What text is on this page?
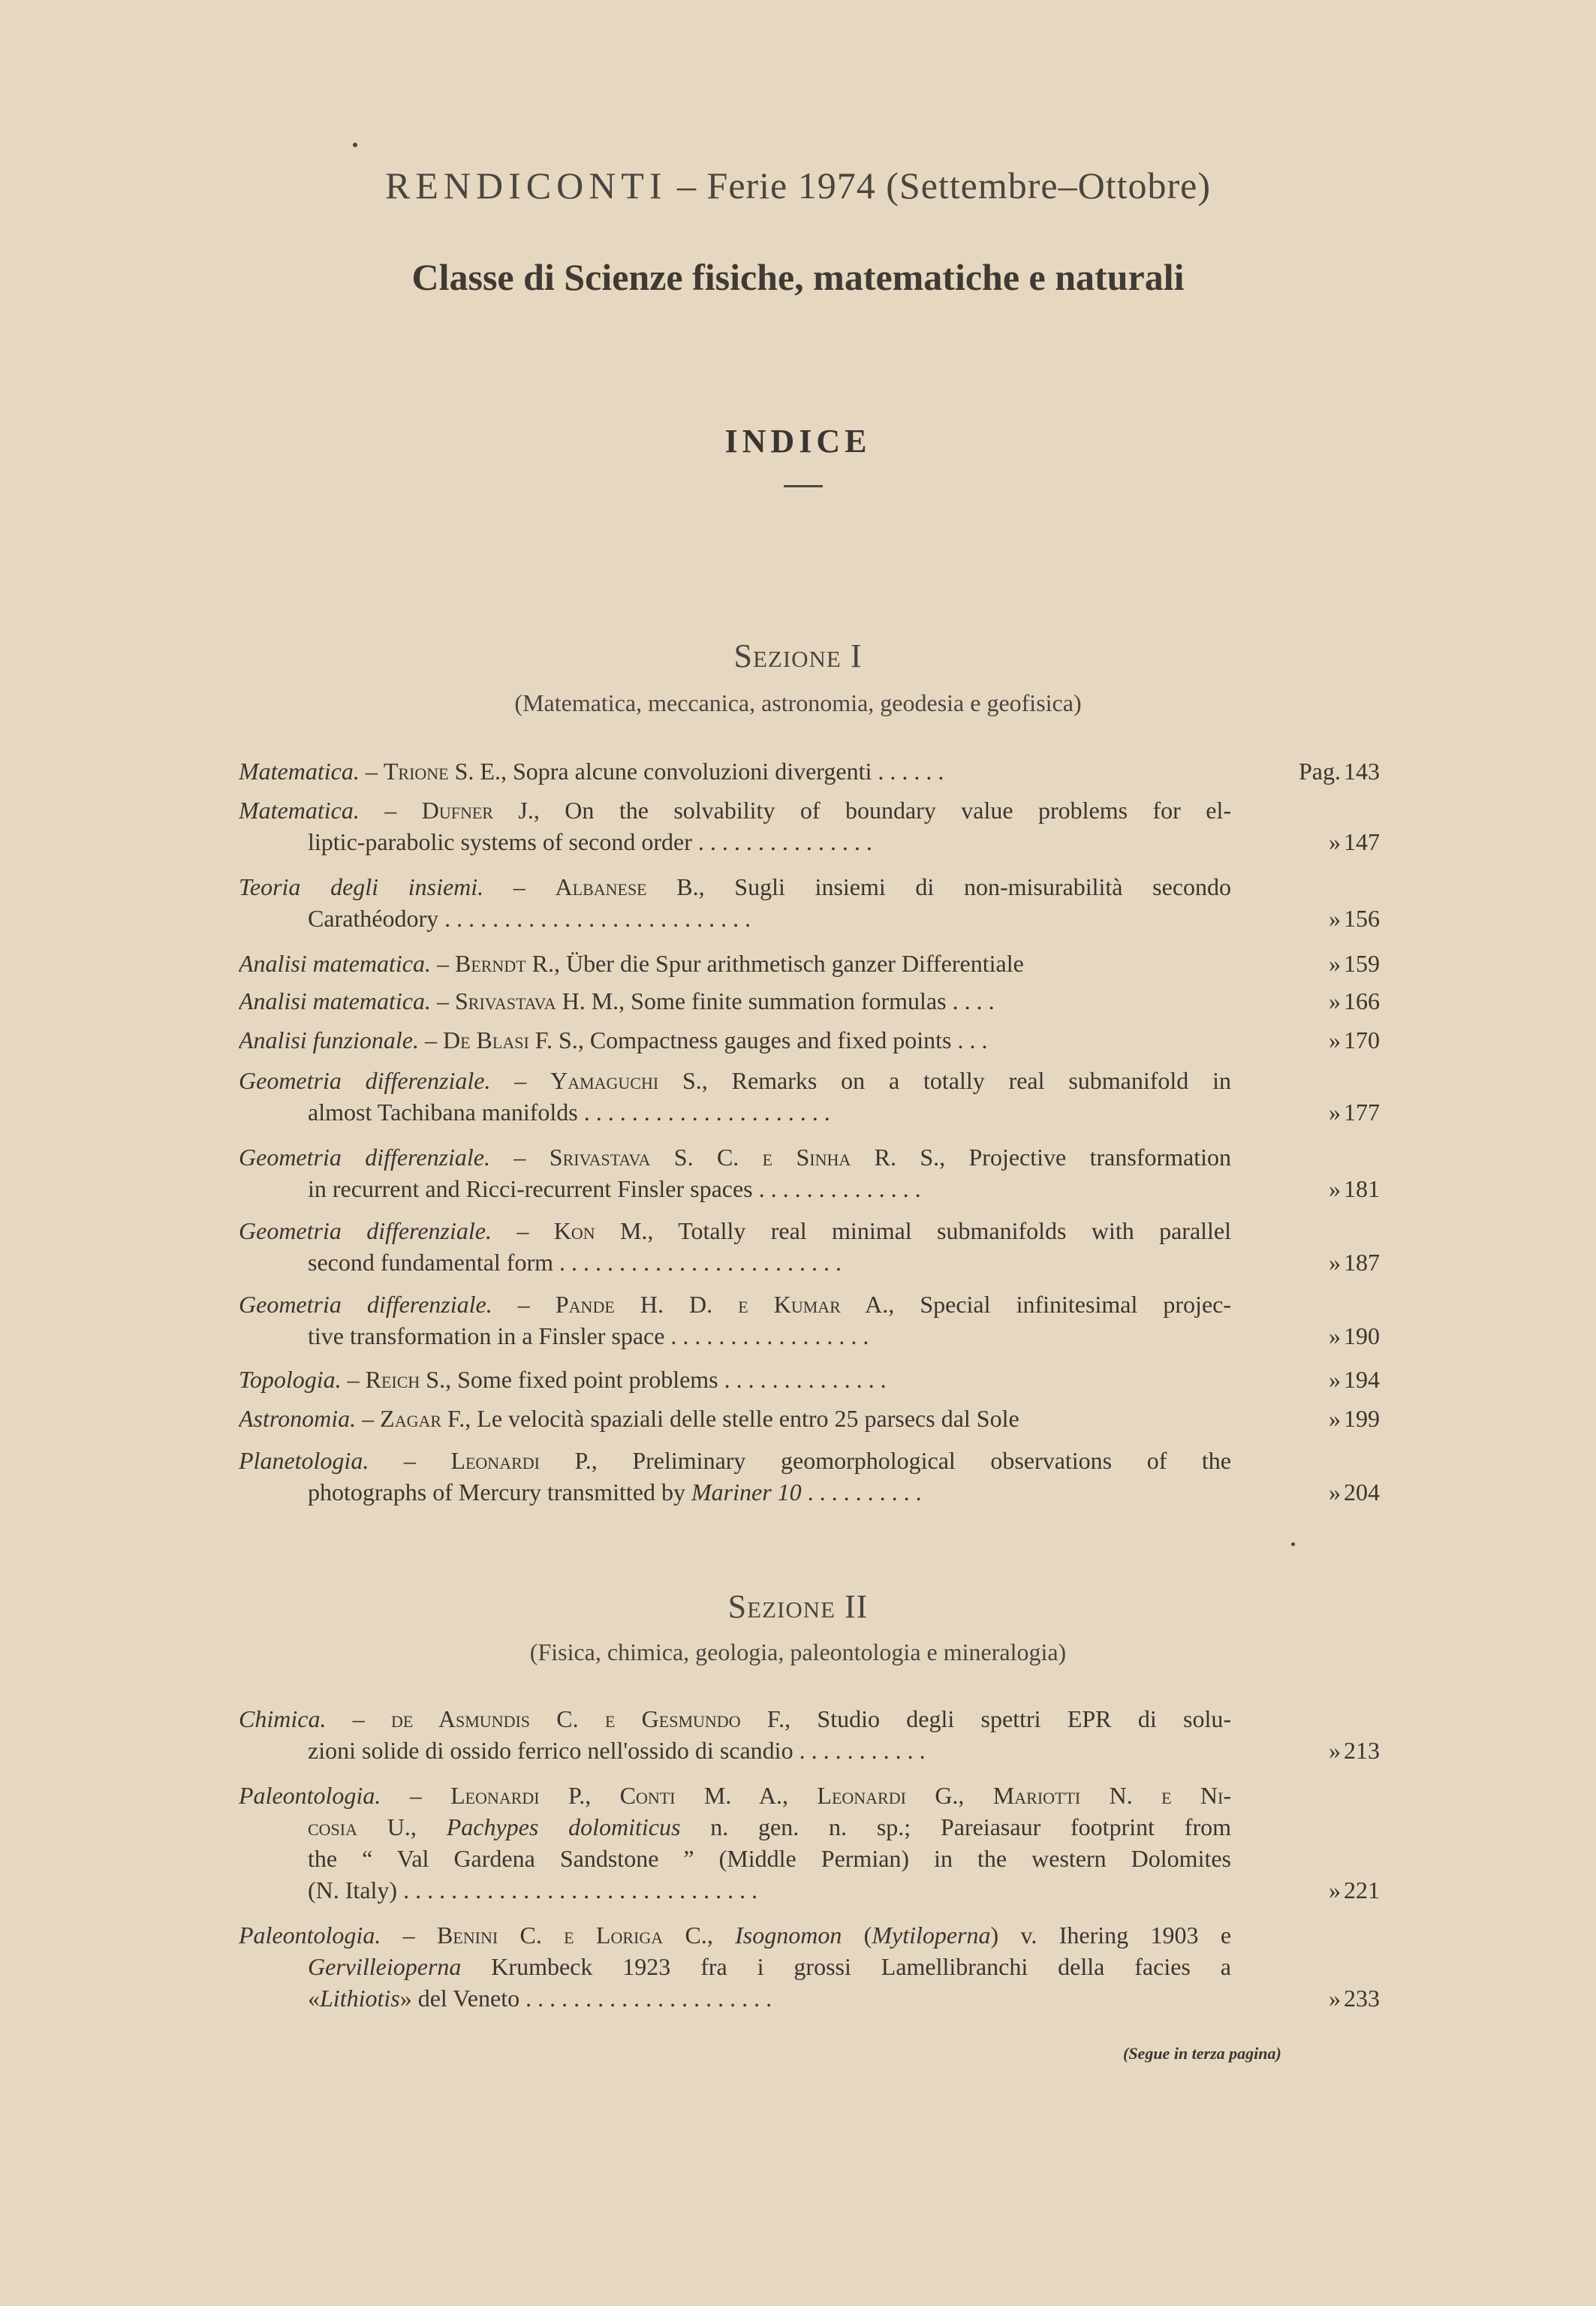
RENDICONTI – Ferie 1974 (Settembre–Ottobre)
Classe di Scienze fisiche, matematiche e naturali
INDICE
Sezione I
(Matematica, meccanica, astronomia, geodesia e geofisica)
Matematica. – Trione S. E., Sopra alcune convoluzioni divergenti . . . . . .	Pag. 143
Matematica. – Dufner J., On the solvability of boundary value problems for el-
liptic-parabolic systems of second order . . . . . . . . . . . . . . .	» 147
Teoria degli insiemi. – Albanese B., Sugli insiemi di non-misurabilità secondo
Carathéodory . . . . . . . . . . . . . . . . . . . . . . . . . .	» 156
Analisi matematica. – Berndt R., Über die Spur arithmetisch ganzer Differentiale	» 159
Analisi matematica. – Srivastava H. M., Some finite summation formulas . . . .	» 166
Analisi funzionale. – De Blasi F. S., Compactness gauges and fixed points . . .	» 170
Geometria differenziale. – Yamaguchi S., Remarks on a totally real submanifold in
almost Tachibana manifolds . . . . . . . . . . . . . . . . . . . . .	» 177
Geometria differenziale. – Srivastava S. C. e Sinha R. S., Projective transformation
in recurrent and Ricci-recurrent Finsler spaces . . . . . . . . . . . . . .	» 181
Geometria differenziale. – Kon M., Totally real minimal submanifolds with parallel
second fundamental form . . . . . . . . . . . . . . . . . . . . . . . .	» 187
Geometria differenziale. – Pande H. D. e Kumar A., Special infinitesimal projec-
tive transformation in a Finsler space . . . . . . . . . . . . . . . . .	» 190
Topologia. – Reich S., Some fixed point problems . . . . . . . . . . . . . .	» 194
Astronomia. – Zagar F., Le velocità spaziali delle stelle entro 25 parsecs dal Sole	» 199
Planetologia. – Leonardi P., Preliminary geomorphological observations of the
photographs of Mercury transmitted by Mariner 10 . . . . . . . . . .	» 204
Sezione II
(Fisica, chimica, geologia, paleontologia e mineralogia)
Chimica. – de Asmundis C. e Gesmundo F., Studio degli spettri EPR di solu-
zioni solide di ossido ferrico nell'ossido di scandio . . . . . . . . . . .	» 213
Paleontologia. – Leonardi P., Conti M. A., Leonardi G., Mariotti N. e Ni-
cosia U., Pachypes dolomiticus n. gen. n. sp.; Pareiasaur footprint from
the “ Val Gardena Sandstone ” (Middle Permian) in the western Dolomites
(N. Italy) . . . . . . . . . . . . . . . . . . . . . . . . . . . . . .	» 221
Paleontologia. – Benini C. e Loriga C., Isognomon (Mytiloperna) v. Ihering 1903 e
Gervilleioperna Krumbeck 1923 fra i grossi Lamellibranchi della facies a
«Lithiotis» del Veneto . . . . . . . . . . . . . . . . . . . . .	» 233
(Segue in terza pagina)
